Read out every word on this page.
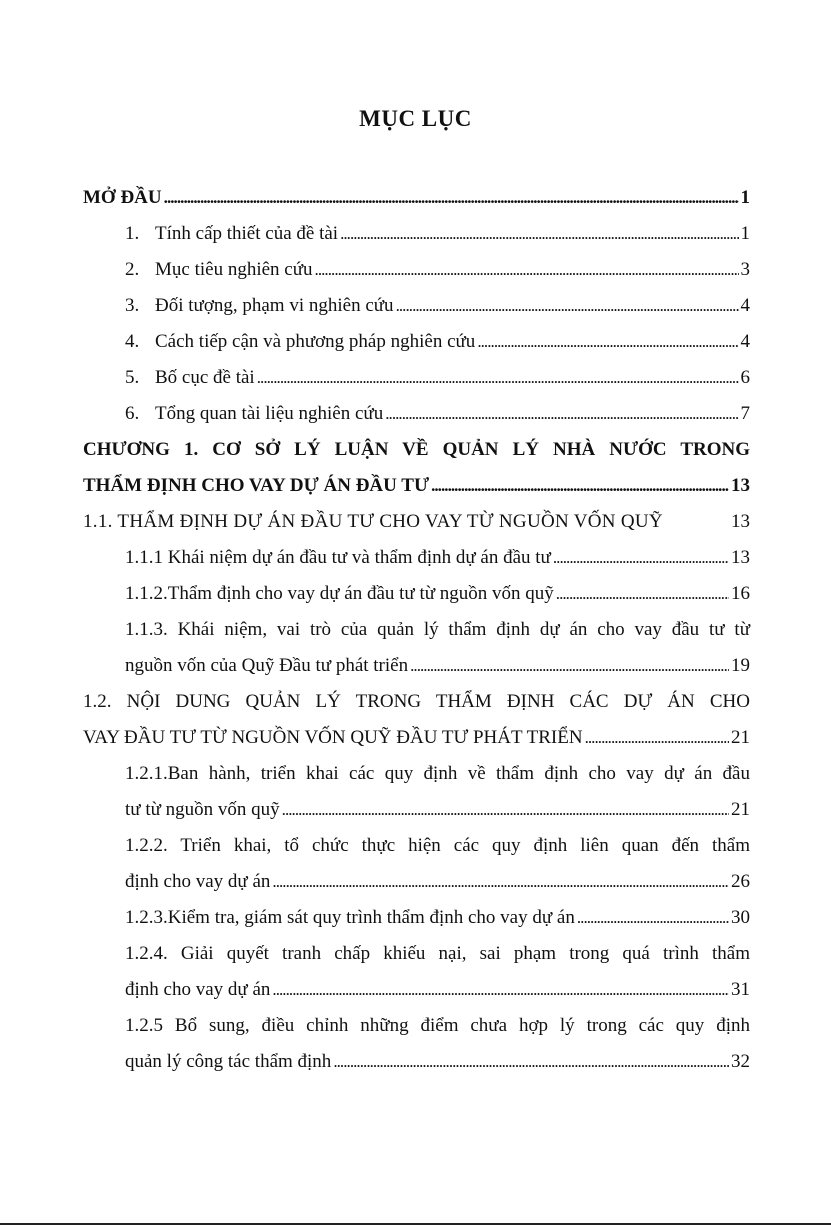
MỤC LỤC
MỞ ĐẦU . . .	1
1. Tính cấp thiết của đề tài . . .	1
2. Mục tiêu nghiên cứu . . .	3
3. Đối tượng, phạm vi nghiên cứu . . .	4
4. Cách tiếp cận và phương pháp nghiên cứu . . .	4
5. Bố cục đề tài . . .	6
6. Tổng quan tài liệu nghiên cứu . . .	7
CHƯƠNG 1. CƠ SỞ LÝ LUẬN VỀ QUẢN LÝ NHÀ NƯỚC TRONG
THẨM ĐỊNH CHO VAY DỰ ÁN ĐẦU TƯ . . .	13
1.1. THẨM ĐỊNH DỰ ÁN ĐẦU TƯ CHO VAY TỪ NGUỒN VỐN QUỸ	13
1.1.1 Khái niệm dự án đầu tư và thẩm định dự án đầu tư . . .	13
1.1.2.Thẩm định cho vay dự án đầu tư từ nguồn vốn quỹ . . .	16
1.1.3. Khái niệm, vai trò của quản lý thẩm định dự án cho vay đầu tư từ
nguồn vốn của Quỹ Đầu tư phát triển . . .	19
1.2. NỘI DUNG QUẢN LÝ TRONG THẨM ĐỊNH CÁC DỰ ÁN CHO
VAY ĐẦU TƯ TỪ NGUỒN VỐN QUỸ ĐẦU TƯ PHÁT TRIỂN . . .	21
1.2.1.Ban hành, triển khai các quy định về thẩm định cho vay dự án đầu
tư từ nguồn vốn quỹ . . .	21
1.2.2. Triển khai, tổ chức thực hiện các quy định liên quan đến thẩm
định cho vay dự án . . .	26
1.2.3.Kiểm tra, giám sát quy trình thẩm định cho vay dự án . . .	30
1.2.4. Giải quyết tranh chấp khiếu nại, sai phạm trong quá trình thẩm
định cho vay dự án . . .	31
1.2.5 Bổ sung, điều chỉnh những điểm chưa hợp lý trong các quy định
quản lý công tác thẩm định . . .	32
